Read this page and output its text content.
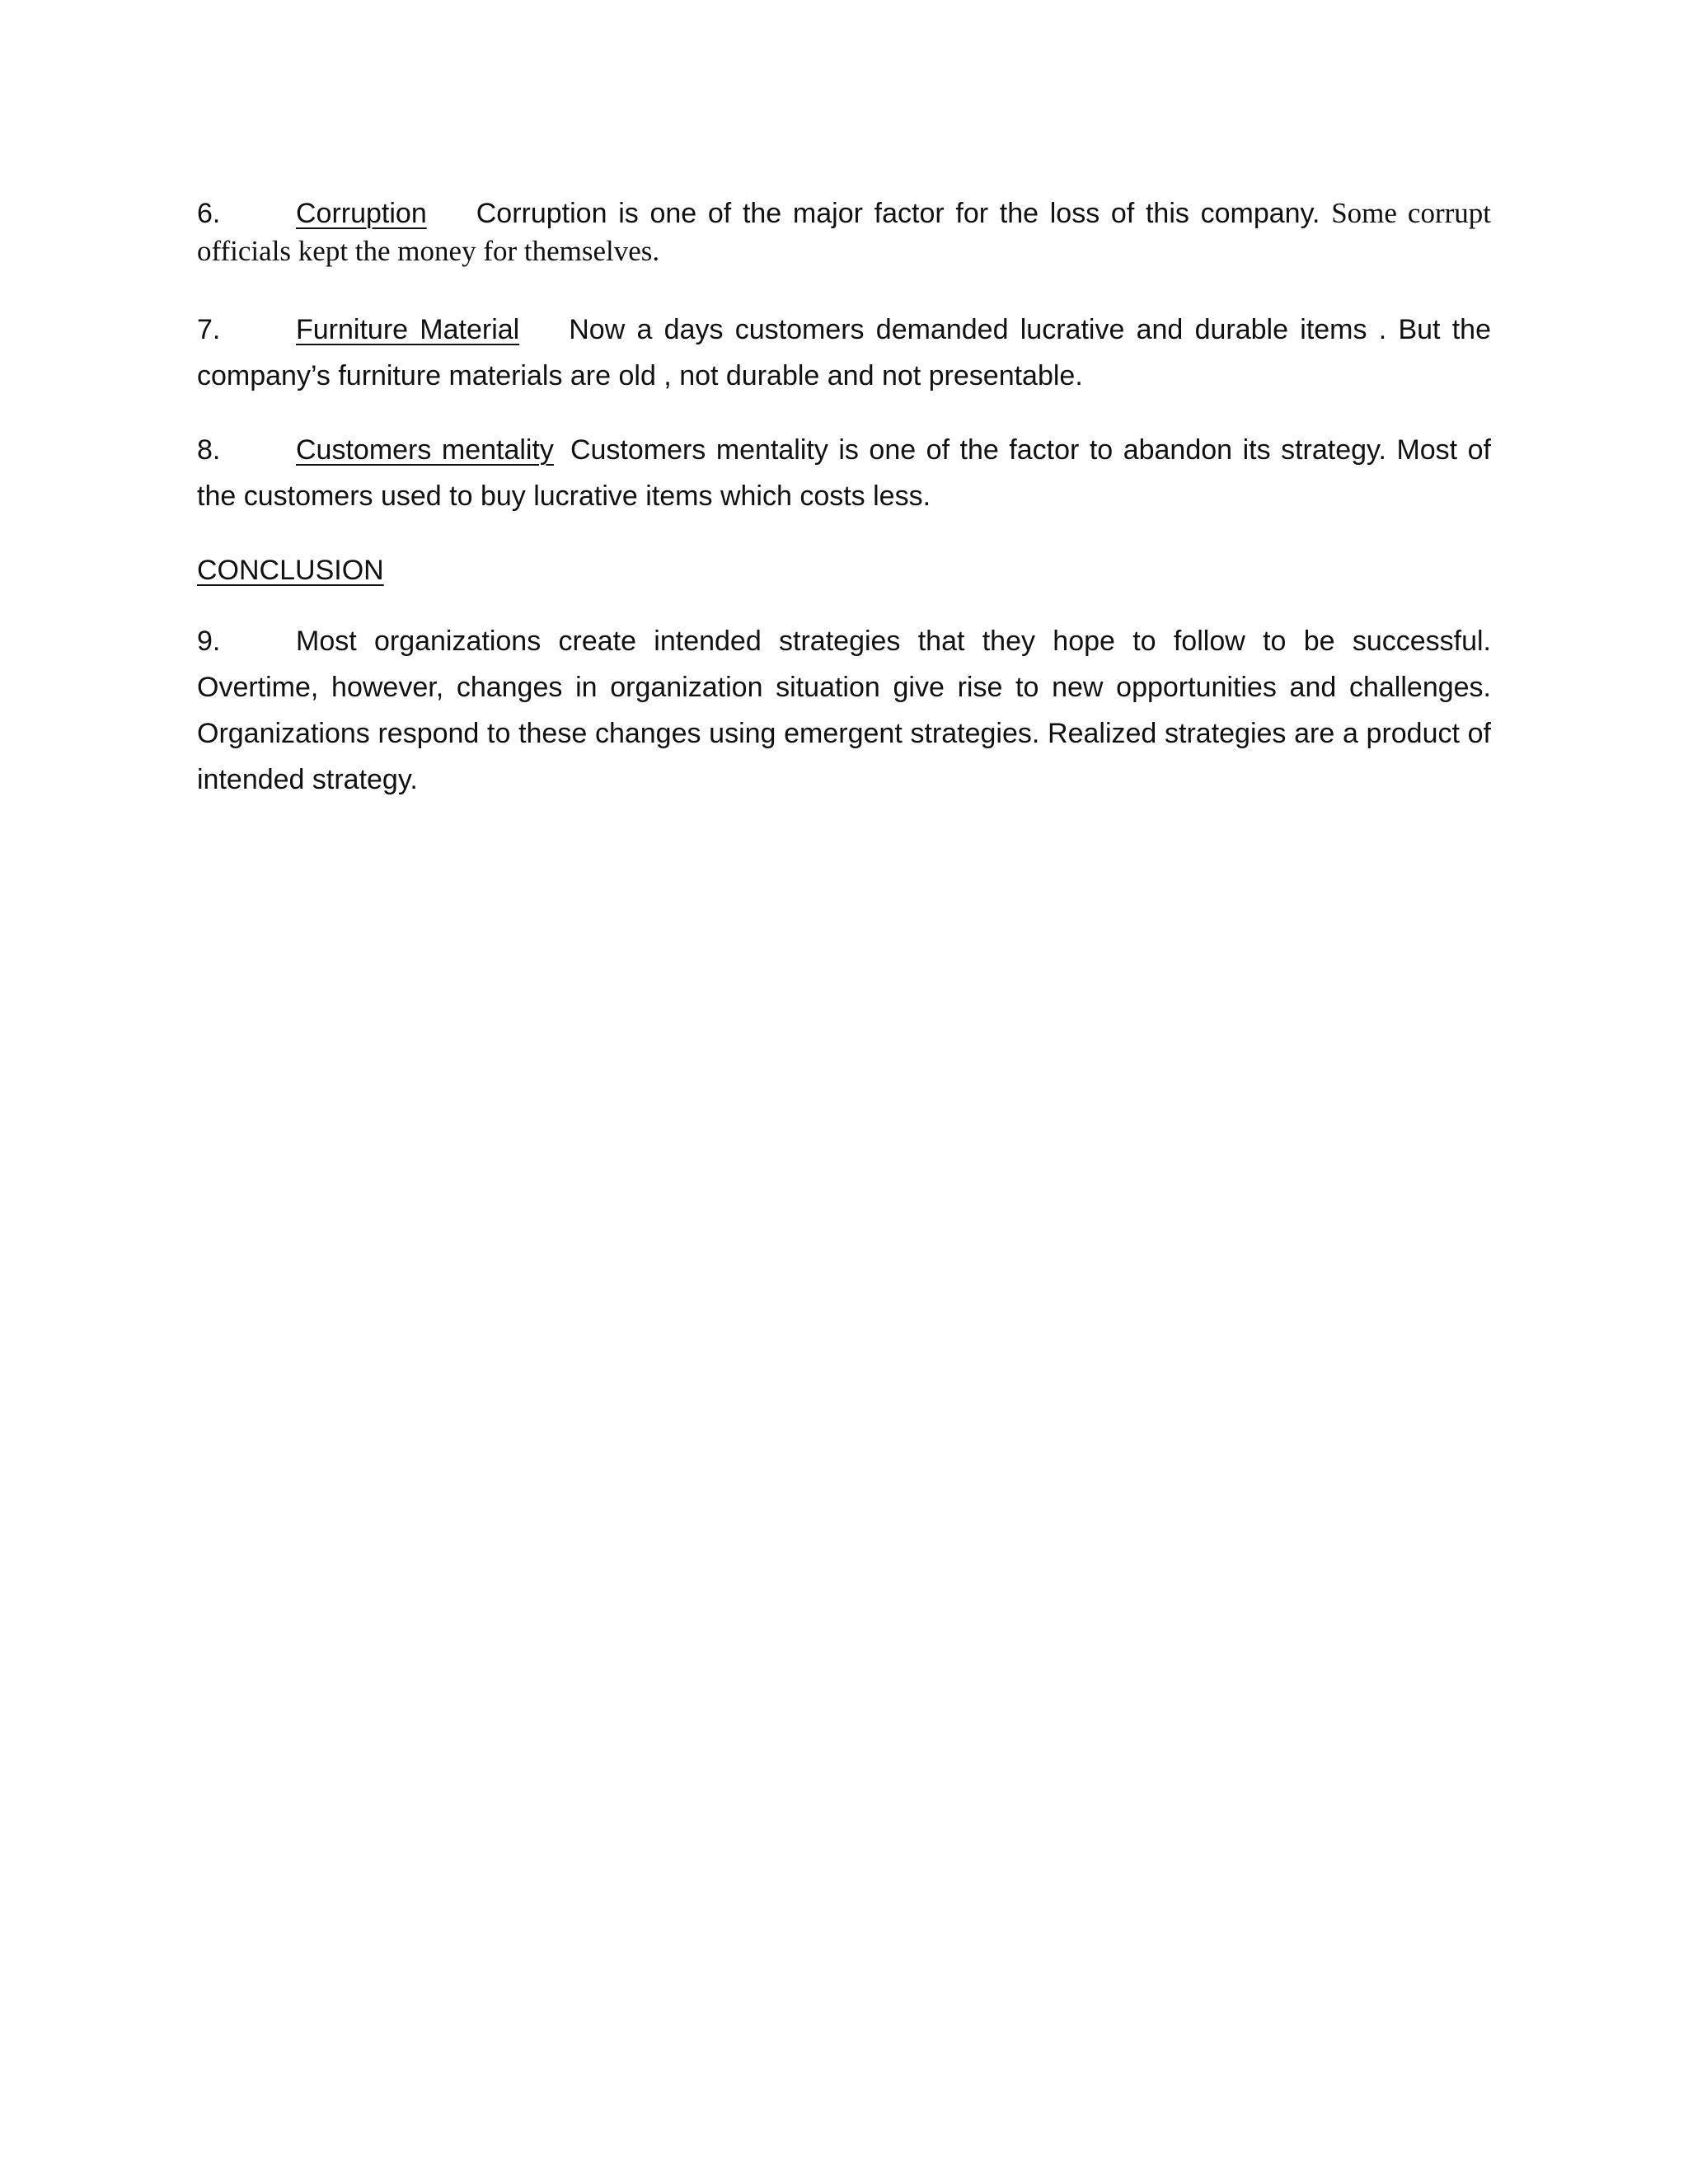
6.	Corruption Corruption is one of the major factor for the loss of this company. Some corrupt officials kept the money for themselves.

7.	Furniture Material Now a days customers demanded lucrative and durable items . But the company’s furniture materials are old , not durable and not presentable.

8.	Customers mentality Customers mentality is one of the factor to abandon its strategy. Most of the customers used to buy lucrative items which costs less.

CONCLUSION

9.	Most organizations create intended strategies that they hope to follow to be successful. Overtime, however, changes in organization situation give rise to new opportunities and challenges. Organizations respond to these changes using emergent strategies. Realized strategies are a product of intended strategy.
